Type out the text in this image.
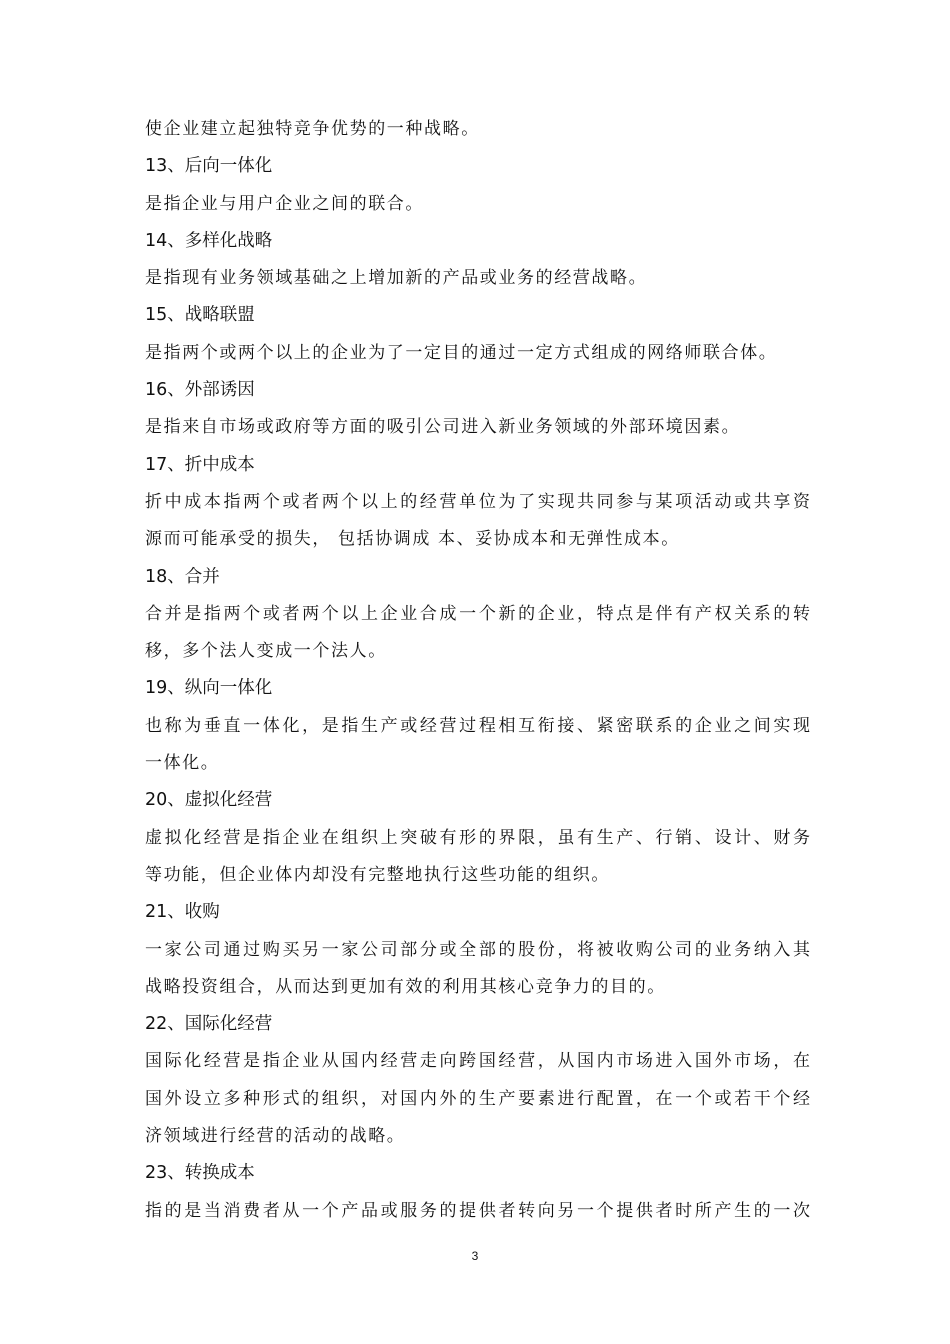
使企业建立起独特竞争优势的一种战略。
13、后向一体化
是指企业与用户企业之间的联合。
14、多样化战略
是指现有业务领域基础之上增加新的产品或业务的经营战略。
15、战略联盟
是指两个或两个以上的企业为了一定目的通过一定方式组成的网络师联合体。
16、外部诱因
是指来自市场或政府等方面的吸引公司进入新业务领域的外部环境因素。
17、折中成本
折中成本指两个或者两个以上的经营单位为了实现共同参与某项活动或共享资
源而可能承受的损失， 包括协调成 本、妥协成本和无弹性成本。
18、合并
合并是指两个或者两个以上企业合成一个新的企业，特点是伴有产权关系的转
移，多个法人变成一个法人。
19、纵向一体化
也称为垂直一体化，是指生产或经营过程相互衔接、紧密联系的企业之间实现
一体化。
20、虚拟化经营
虚拟化经营是指企业在组织上突破有形的界限，虽有生产、行销、设计、财务
等功能，但企业体内却没有完整地执行这些功能的组织。
21、收购
一家公司通过购买另一家公司部分或全部的股份，将被收购公司的业务纳入其
战略投资组合，从而达到更加有效的利用其核心竞争力的目的。
22、国际化经营
国际化经营是指企业从国内经营走向跨国经营，从国内市场进入国外市场，在
国外设立多种形式的组织，对国内外的生产要素进行配置，在一个或若干个经
济领域进行经营的活动的战略。
23、转换成本
指的是当消费者从一个产品或服务的提供者转向另一个提供者时所产生的一次
3
